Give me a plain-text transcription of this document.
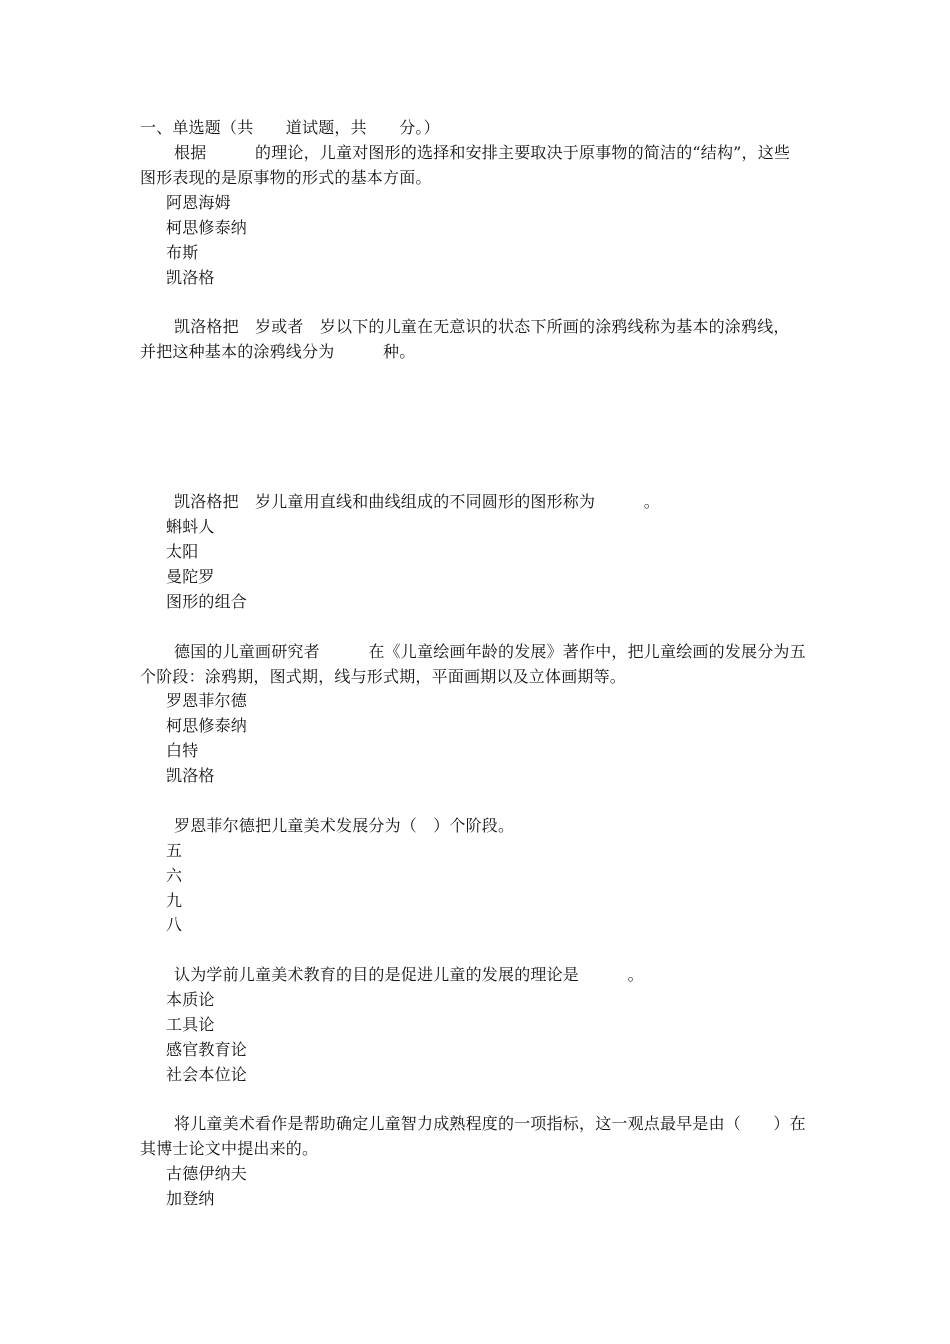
一、单选题（共　　道试题，共　　分。）
根据　　　的理论，儿童对图形的选择和安排主要取决于原事物的简洁的“结构”，这些
图形表现的是原事物的形式的基本方面。
阿恩海姆
柯思修泰纳
布斯
凯洛格
凯洛格把　岁或者　岁以下的儿童在无意识的状态下所画的涂鸦线称为基本的涂鸦线，
并把这种基本的涂鸦线分为　　　种。
凯洛格把　岁儿童用直线和曲线组成的不同圆形的图形称为　　　。
蝌蚪人
太阳
曼陀罗
图形的组合
德国的儿童画研究者　　　在《儿童绘画年龄的发展》著作中，把儿童绘画的发展分为五
个阶段：涂鸦期，图式期，线与形式期，平面画期以及立体画期等。
罗恩菲尔德
柯思修泰纳
白特
凯洛格
罗恩菲尔德把儿童美术发展分为（　）个阶段。
五
六
九
八
认为学前儿童美术教育的目的是促进儿童的发展的理论是　　　。
本质论
工具论
感官教育论
社会本位论
将儿童美术看作是帮助确定儿童智力成熟程度的一项指标，这一观点最早是由（　　）在
其博士论文中提出来的。
古德伊纳夫
加登纳
